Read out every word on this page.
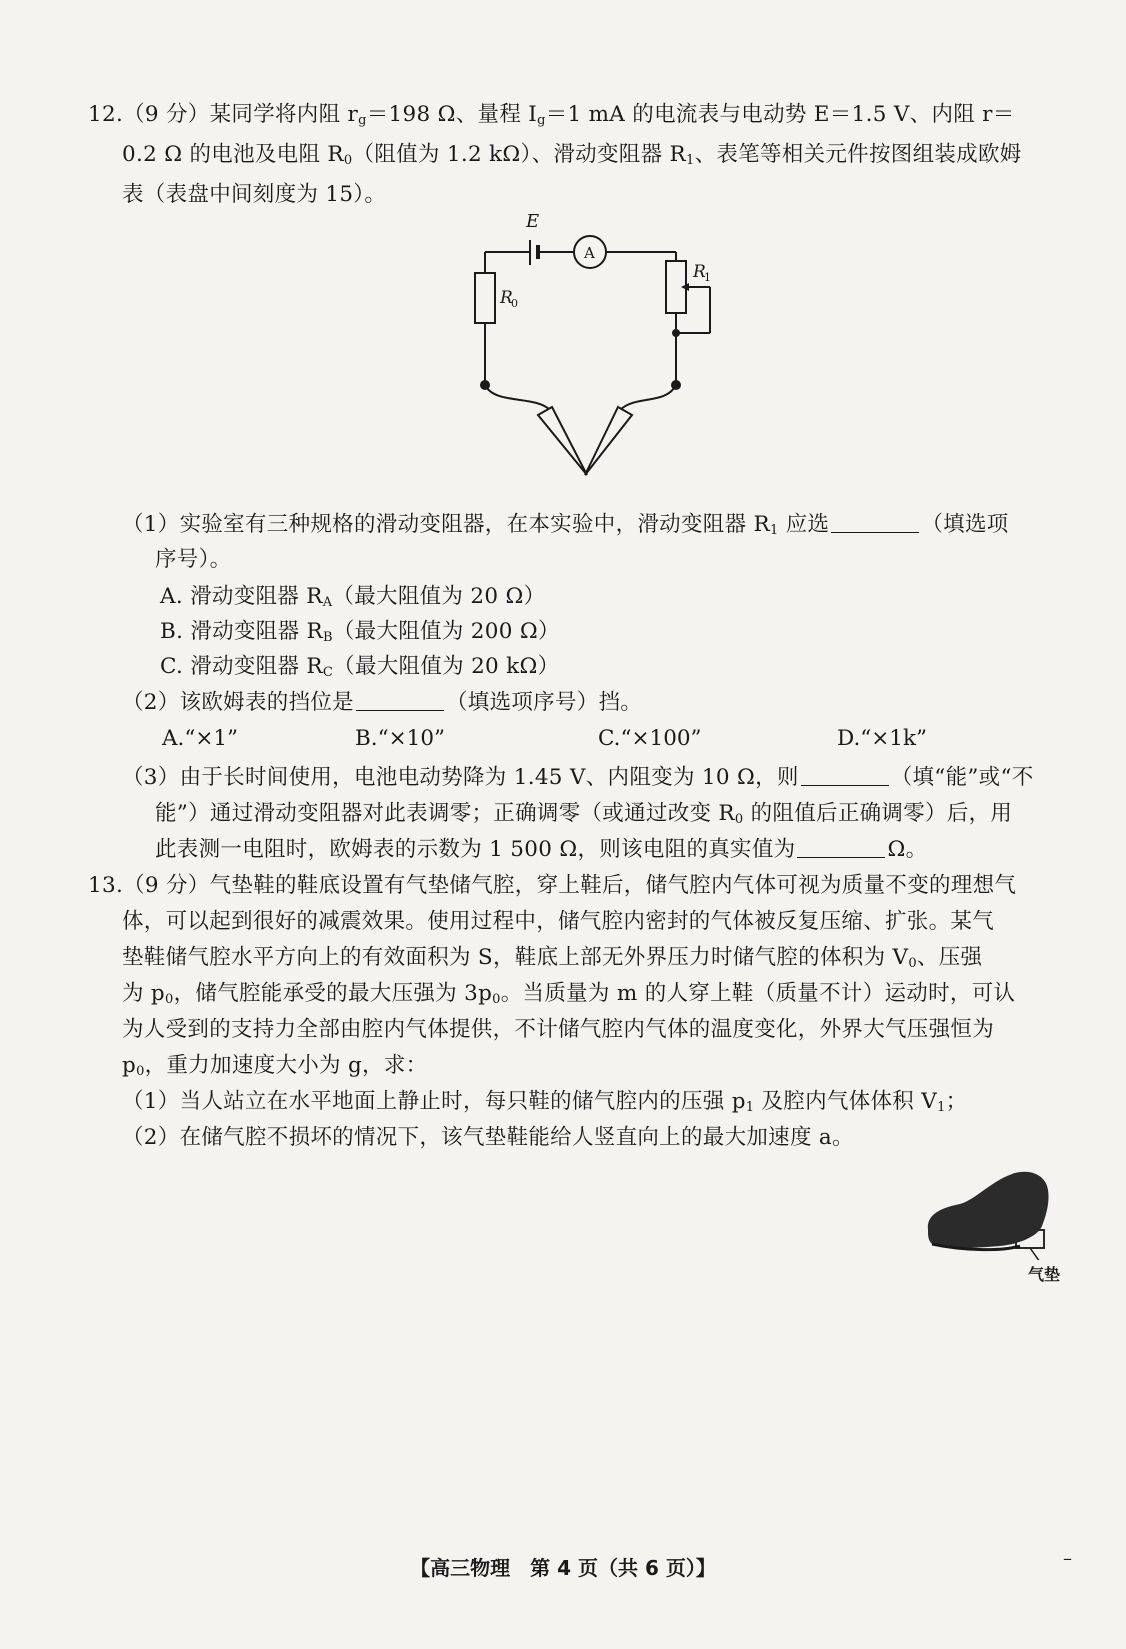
12.（9 分）某同学将内阻 $r_g=198$ Ω、量程 $I_g=1$ mA 的电流表与电动势 E＝1.5 V、内阻 r＝
0.2 Ω 的电池及电阻 $R_0$（阻值为 1.2 kΩ）、滑动变阻器 $R_1$、表笔等相关元件按图组装成欧姆
表（表盘中间刻度为 15）。
E
A
R
1
R
0
（1）实验室有三种规格的滑动变阻器，在本实验中，滑动变阻器 $R_1$ 应选	（填选项
序号）。
A. 滑动变阻器 $R_A$（最大阻值为 20 Ω）
B. 滑动变阻器 $R_B$（最大阻值为 200 Ω）
C. 滑动变阻器 $R_C$（最大阻值为 20 kΩ）
（2）该欧姆表的挡位是	（填选项序号）挡。
A.“×1”	B.“×10”	C.“×100”	D.“×1k”
（3）由于长时间使用，电池电动势降为 1.45 V、内阻变为 10 Ω，则	（填“能”或“不
能”）通过滑动变阻器对此表调零；正确调零（或通过改变 $R_0$ 的阻值后正确调零）后，用
此表测一电阻时，欧姆表的示数为 1 500 Ω，则该电阻的真实值为	Ω。
13.（9 分）气垫鞋的鞋底设置有气垫储气腔，穿上鞋后，储气腔内气体可视为质量不变的理想气
体，可以起到很好的减震效果。使用过程中，储气腔内密封的气体被反复压缩、扩张。某气
垫鞋储气腔水平方向上的有效面积为 S，鞋底上部无外界压力时储气腔的体积为 $V_0$、压强
为 $p_0$，储气腔能承受的最大压强为 $3p_0$。当质量为 m 的人穿上鞋（质量不计）运动时，可认
为人受到的支持力全部由腔内气体提供，不计储气腔内气体的温度变化，外界大气压强恒为
$p_0$，重力加速度大小为 g，求：
（1）当人站立在水平地面上静止时，每只鞋的储气腔内的压强 $p_1$ 及腔内气体体积 $V_1$；
（2）在储气腔不损坏的情况下，该气垫鞋能给人竖直向上的最大加速度 a。
气垫
【高三物理　第 4 页（共 6 页）】	–
